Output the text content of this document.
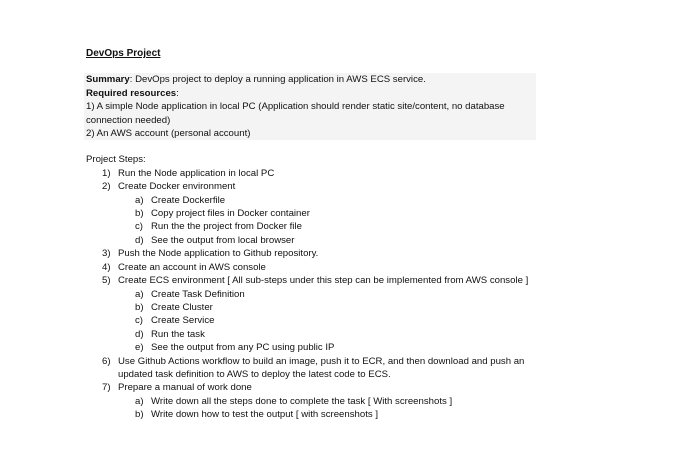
DevOps Project

Summary: DevOps project to deploy a running application in AWS ECS service.

Required resources:

1) A simple Node application in local PC (Application should render static site/content, no database connection needed)

2) An AWS account (personal account)

Project Steps:

1) Run the Node application in local PC
2) Create Docker environment
a) Create Dockerfile
b) Copy project files in Docker container
c) Run the the project from Docker file
d) See the output from local browser
3) Push the Node application to Github repository.
4) Create an account in AWS console
5) Create ECS environment [ All sub-steps under this step can be implemented from AWS console ]
a) Create Task Definition
b) Create Cluster
c) Create Service
d) Run the task
e) See the output from any PC using public IP
6) Use Github Actions workflow to build an image, push it to ECR, and then download and push an updated task definition to AWS to deploy the latest code to ECS.
7) Prepare a manual of work done
a) Write down all the steps done to complete the task [ With screenshots ]
b) Write down how to test the output [ with screenshots ]
